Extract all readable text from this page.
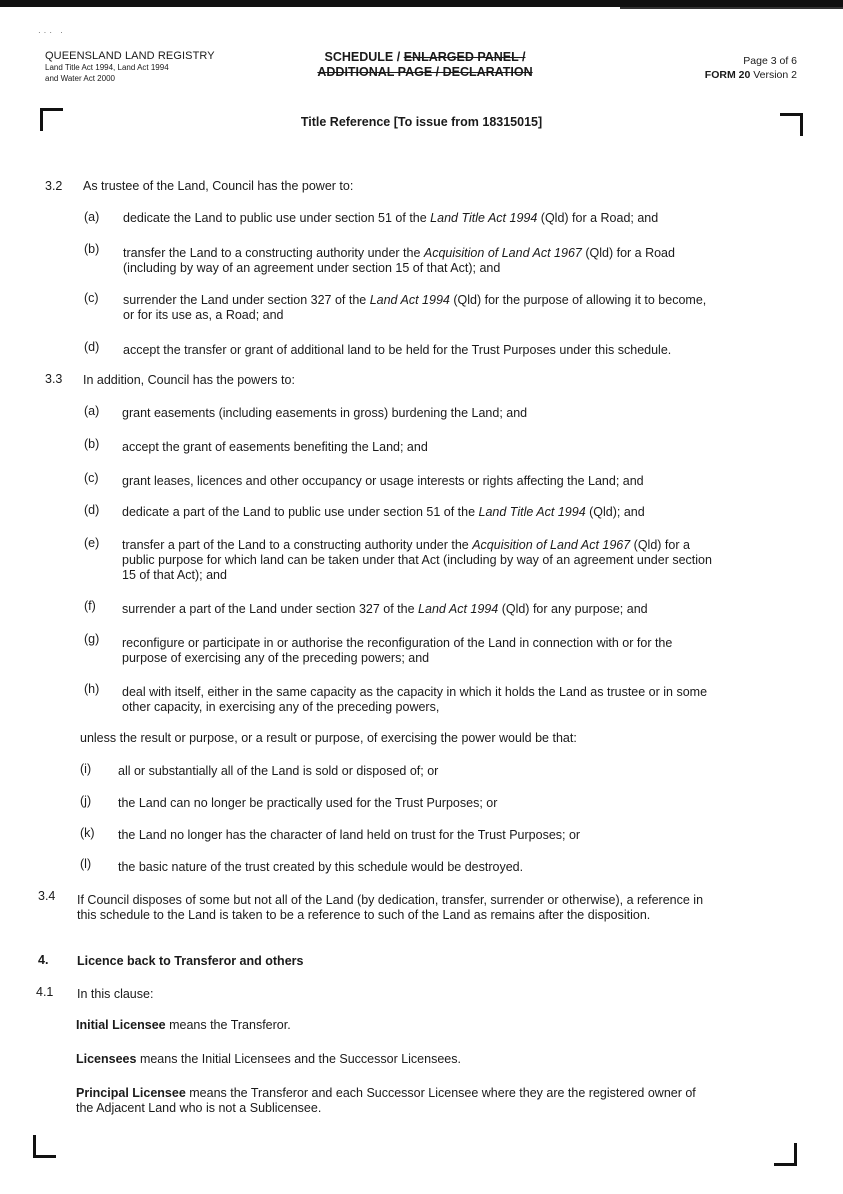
··· ·
QUEENSLAND LAND REGISTRY
Land Title Act 1994, Land Act 1994
and Water Act 2000
SCHEDULE / ENLARGED PANEL /
ADDITIONAL PAGE / DECLARATION
Page 3 of 6
FORM 20 Version 2
Title Reference [To issue from 18315015]
3.2 As trustee of the Land, Council has the power to:
(a) dedicate the Land to public use under section 51 of the Land Title Act 1994 (Qld) for a Road; and
(b) transfer the Land to a constructing authority under the Acquisition of Land Act 1967 (Qld) for a Road
(including by way of an agreement under section 15 of that Act); and
(c) surrender the Land under section 327 of the Land Act 1994 (Qld) for the purpose of allowing it to become,
or for its use as, a Road; and
(d) accept the transfer or grant of additional land to be held for the Trust Purposes under this schedule.
3.3 In addition, Council has the powers to:
(a) grant easements (including easements in gross) burdening the Land; and
(b) accept the grant of easements benefiting the Land; and
(c) grant leases, licences and other occupancy or usage interests or rights affecting the Land; and
(d) dedicate a part of the Land to public use under section 51 of the Land Title Act 1994 (Qld); and
(e) transfer a part of the Land to a constructing authority under the Acquisition of Land Act 1967 (Qld) for a
public purpose for which land can be taken under that Act (including by way of an agreement under section
15 of that Act); and
(f) surrender a part of the Land under section 327 of the Land Act 1994 (Qld) for any purpose; and
(g) reconfigure or participate in or authorise the reconfiguration of the Land in connection with or for the
purpose of exercising any of the preceding powers; and
(h) deal with itself, either in the same capacity as the capacity in which it holds the Land as trustee or in some
other capacity, in exercising any of the preceding powers,
unless the result or purpose, or a result or purpose, of exercising the power would be that:
(i) all or substantially all of the Land is sold or disposed of; or
(j) the Land can no longer be practically used for the Trust Purposes; or
(k) the Land no longer has the character of land held on trust for the Trust Purposes; or
(l) the basic nature of the trust created by this schedule would be destroyed.
3.4 If Council disposes of some but not all of the Land (by dedication, transfer, surrender or otherwise), a reference in
this schedule to the Land is taken to be a reference to such of the Land as remains after the disposition.
4. Licence back to Transferor and others
4.1 In this clause:
Initial Licensee means the Transferor.
Licensees means the Initial Licensees and the Successor Licensees.
Principal Licensee means the Transferor and each Successor Licensee where they are the registered owner of
the Adjacent Land who is not a Sublicensee.
